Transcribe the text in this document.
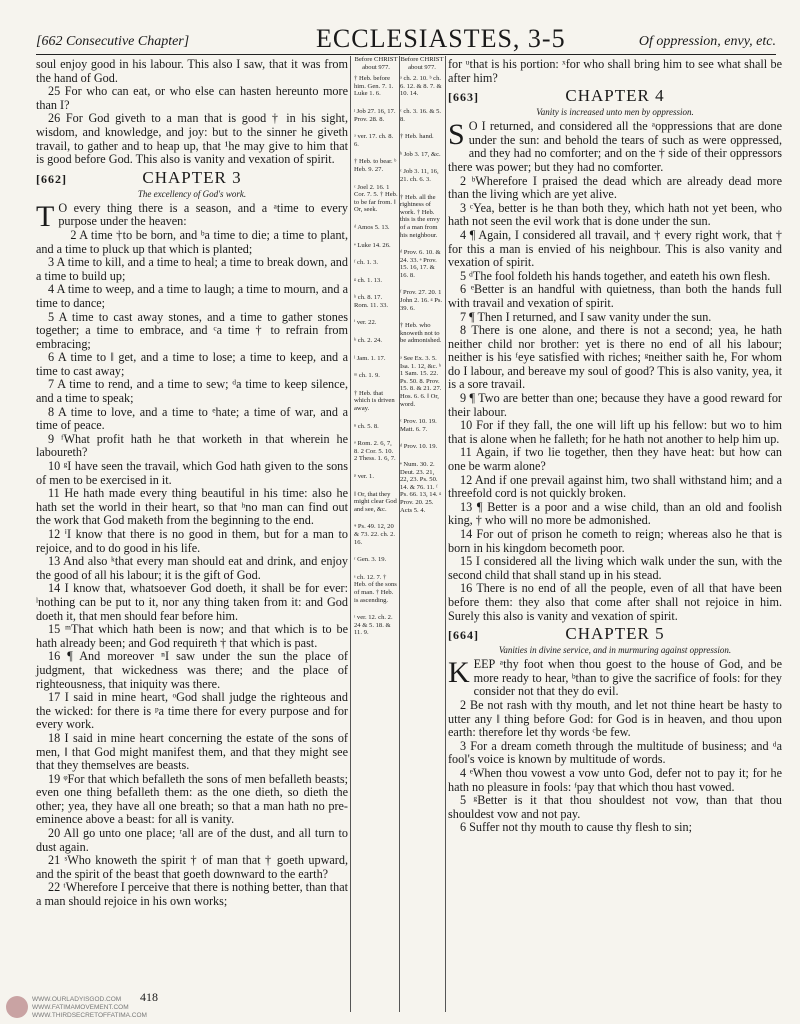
[662 Consecutive Chapter]	ECCLESIASTES, 3-5	Of oppression, envy, etc.

soul enjoy good in his labour. This also I saw, that it was from the hand of God.

25 For who can eat, or who else can hasten hereunto more than I?

26 For God giveth to a man that is good † in his sight, wisdom, and knowledge, and joy: but to the sinner he giveth travail, to gather and to heap up, that ¹he may give to him that is good before God. This also is vanity and vexation of spirit.

[662]	CHAPTER 3
The excellency of God's work.

T O every thing there is a season, and a ᵃtime to every purpose under the heaven:

2 A time †to be born, and ᵇa time to die; a time to plant, and a time to pluck up that which is planted;

3 A time to kill, and a time to heal; a time to break down, and a time to build up;

4 A time to weep, and a time to laugh; a time to mourn, and a time to dance;

5 A time to cast away stones, and a time to gather stones together; a time to embrace, and ᶜa time † to refrain from embracing;

6 A time to ‖ get, and a time to lose; a time to keep, and a time to cast away;

7 A time to rend, and a time to sew; ᵈa time to keep silence, and a time to speak;

8 A time to love, and a time to ᵉhate; a time of war, and a time of peace.

9 ᶠWhat profit hath he that worketh in that wherein he laboureth?

10 ᵍI have seen the travail, which God hath given to the sons of men to be exercised in it.

11 He hath made every thing beautiful in his time: also he hath set the world in their heart, so that ʰno man can find out the work that God maketh from the beginning to the end.

12 ⁱI know that there is no good in them, but for a man to rejoice, and to do good in his life.

13 And also ᵏthat every man should eat and drink, and enjoy the good of all his labour; it is the gift of God.

14 I know that, whatsoever God doeth, it shall be for ever: ˡnothing can be put to it, nor any thing taken from it: and God doeth it, that men should fear before him.

15 ᵐThat which hath been is now; and that which is to be hath already been; and God requireth † that which is past.

16 ¶ And moreover ⁿI saw under the sun the place of judgment, that wickedness was there; and the place of righteousness, that iniquity was there.

17 I said in mine heart, ᵒGod shall judge the righteous and the wicked: for there is ᵖa time there for every purpose and for every work.

18 I said in mine heart concerning the estate of the sons of men, ‖ that God might manifest them, and that they might see that they themselves are beasts.

19 ᵠFor that which befalleth the sons of men befalleth beasts; even one thing befalleth them: as the one dieth, so dieth the other; yea, they have all one breath; so that a man hath no pre-eminence above a beast: for all is vanity.

20 All go unto one place; ʳall are of the dust, and all turn to dust again.

21 ˢWho knoweth the spirit † of man that † goeth upward, and the spirit of the beast that goeth downward to the earth?

22 ᵗWherefore I perceive that there is nothing better, than that a man should rejoice in his own works;

Before CHRIST about 977.
† Heb. before him. Gen. 7. 1. Luke 1. 6.
ʲ Job 27. 16, 17. Prov. 28. 8.
ᵃ ver. 17. ch. 8. 6.
† Heb. to bear. ᵇ Heb. 9. 27.
ᶜ Joel 2. 16. 1 Cor. 7. 5. † Heb. to be far from. ‖ Or, seek.
ᵈ Amos 5. 13.
ᵉ Luke 14. 26.
ᶠ ch. 1. 3.
ᵍ ch. 1. 13.
ʰ ch. 8. 17. Rom. 11. 33.
ⁱ ver. 22.
ᵏ ch. 2. 24.
ˡ Jam. 1. 17.
ᵐ ch. 1. 9.
† Heb. that which is driven away.
ⁿ ch. 5. 8.
ᵒ Rom. 2. 6, 7, 8. 2 Cor. 5. 10. 2 Thess. 1. 6, 7.
ᵖ ver. 1.
‖ Or, that they might clear God and see, &c.
ᵠ Ps. 49. 12, 20 & 73. 22. ch. 2. 16.
ʳ Gen. 3. 19.
ˢ ch. 12. 7. † Heb. of the sons of man. † Heb. is ascending.
ᵗ ver. 12. ch. 2. 24 & 5. 18. & 11. 9.
Before CHRIST about 977.
ᵃ ch. 2. 10. ᵇ ch. 6. 12. & 8. 7. & 10. 14.
ᶜ ch. 3. 16. & 5. 8.
† Heb. hand.
ᵇ Job 3. 17, &c.
ᶜ Job 3. 11, 16, 21. ch. 6. 3.
† Heb. all the rightness of work. † Heb. this is the envy of a man from his neighbour.
ᵈ Prov. 6. 10. & 24. 33. ᵉ Prov. 15. 16, 17. & 16. 8.
ᶠ Prov. 27. 20. 1 John 2. 16. ᵍ Ps. 39. 6.
† Heb. who knoweth not to be admonished.
ᵃ See Ex. 3. 5. Isa. 1. 12, &c. ᵇ 1 Sam. 15. 22. Ps. 50. 8. Prov. 15. 8. & 21. 27. Hos. 6. 6. ‖ Or, word.
ᶜ Prov. 10. 19. Matt. 6. 7.
ᵈ Prov. 10. 19.
ᵉ Num. 30. 2. Deut. 23. 21, 22, 23. Ps. 50. 14. & 76. 11. ᶠ Ps. 66. 13, 14. ᵍ Prov. 20. 25. Acts 5. 4.

for ᵘthat is his portion: ˣfor who shall bring him to see what shall be after him?

[663]	CHAPTER 4
Vanity is increased unto men by oppression.

S O I returned, and considered all the ᵃoppressions that are done under the sun: and behold the tears of such as were oppressed, and they had no comforter; and on the † side of their oppressors there was power; but they had no comforter.

2 ᵇWherefore I praised the dead which are already dead more than the living which are yet alive.

3 ᶜYea, better is he than both they, which hath not yet been, who hath not seen the evil work that is done under the sun.

4 ¶ Again, I considered all travail, and † every right work, that † for this a man is envied of his neighbour. This is also vanity and vexation of spirit.

5 ᵈThe fool foldeth his hands together, and eateth his own flesh.

6 ᵉBetter is an handful with quietness, than both the hands full with travail and vexation of spirit.

7 ¶ Then I returned, and I saw vanity under the sun.

8 There is one alone, and there is not a second; yea, he hath neither child nor brother: yet is there no end of all his labour; neither is his ᶠeye satisfied with riches; ᵍneither saith he, For whom do I labour, and bereave my soul of good? This is also vanity, yea, it is a sore travail.

9 ¶ Two are better than one; because they have a good reward for their labour.

10 For if they fall, the one will lift up his fellow: but wo to him that is alone when he falleth; for he hath not another to help him up.

11 Again, if two lie together, then they have heat: but how can one be warm alone?

12 And if one prevail against him, two shall withstand him; and a threefold cord is not quickly broken.

13 ¶ Better is a poor and a wise child, than an old and foolish king, † who will no more be admonished.

14 For out of prison he cometh to reign; whereas also he that is born in his kingdom becometh poor.

15 I considered all the living which walk under the sun, with the second child that shall stand up in his stead.

16 There is no end of all the people, even of all that have been before them: they also that come after shall not rejoice in him. Surely this also is vanity and vexation of spirit.

[664]	CHAPTER 5
Vanities in divine service, and in murmuring against oppression.

KEEP ᵃthy foot when thou goest to the house of God, and be more ready to hear, ᵇthan to give the sacrifice of fools: for they consider not that they do evil.

2 Be not rash with thy mouth, and let not thine heart be hasty to utter any ‖ thing before God: for God is in heaven, and thou upon earth: therefore let thy words ᶜbe few.

3 For a dream cometh through the multitude of business; and ᵈa fool's voice is known by multitude of words.

4 ᵉWhen thou vowest a vow unto God, defer not to pay it; for he hath no pleasure in fools: ᶠpay that which thou hast vowed.

5 ᵍBetter is it that thou shouldest not vow, than that thou shouldest vow and not pay.

6 Suffer not thy mouth to cause thy flesh to sin;

418
WWW.OURLADYISGOD.COM
WWW.FATIMAMOVEMENT.COM
WWW.THIRDSECRETOFFATIMA.COM
